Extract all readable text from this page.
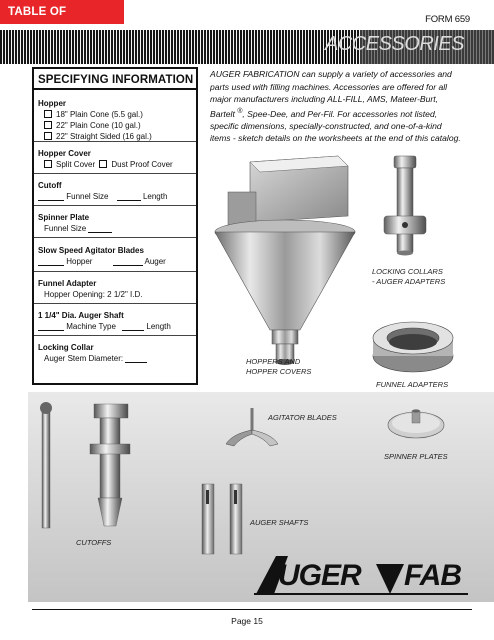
TABLE OF
FORM 659
ACCESSORIES
SPECIFYING INFORMATION
Hopper
18" Plain Cone (5.5 gal.)
22" Plain Cone (10 gal.)
22" Straight Sided (16 gal.)
Hopper Cover
Split Cover Dust Proof Cover
Cutoff
Funnel Size	Length
Spinner Plate
Funnel Size
Slow Speed Agitator Blades
Hopper	Auger
Funnel Adapter
Hopper Opening: 2 1/2" I.D.
1 1/4" Dia. Auger Shaft
Machine Type	Length
Locking Collar
Auger Stem Diameter:
AUGER FABRICATION can supply a variety of accessories and
parts used with filling machines. Accessories are offered for all
major manufacturers including ALL-FILL, AMS, Mateer-Burt,
Bartelt ®, Spee-Dee, and Per-Fil. For accessories not listed,
specific dimensions, specially-constructed, and one-of-a-kind
items - sketch details on the worksheets at the end of this catalog.
LOCKING COLLARS
- AUGER ADAPTERS
HOPPERS AND
HOPPER COVERS
FUNNEL ADAPTERS
CUTOFFS
AGITATOR BLADES
SPINNER PLATES
AUGER SHAFTS
UGER FAB
Page 15
